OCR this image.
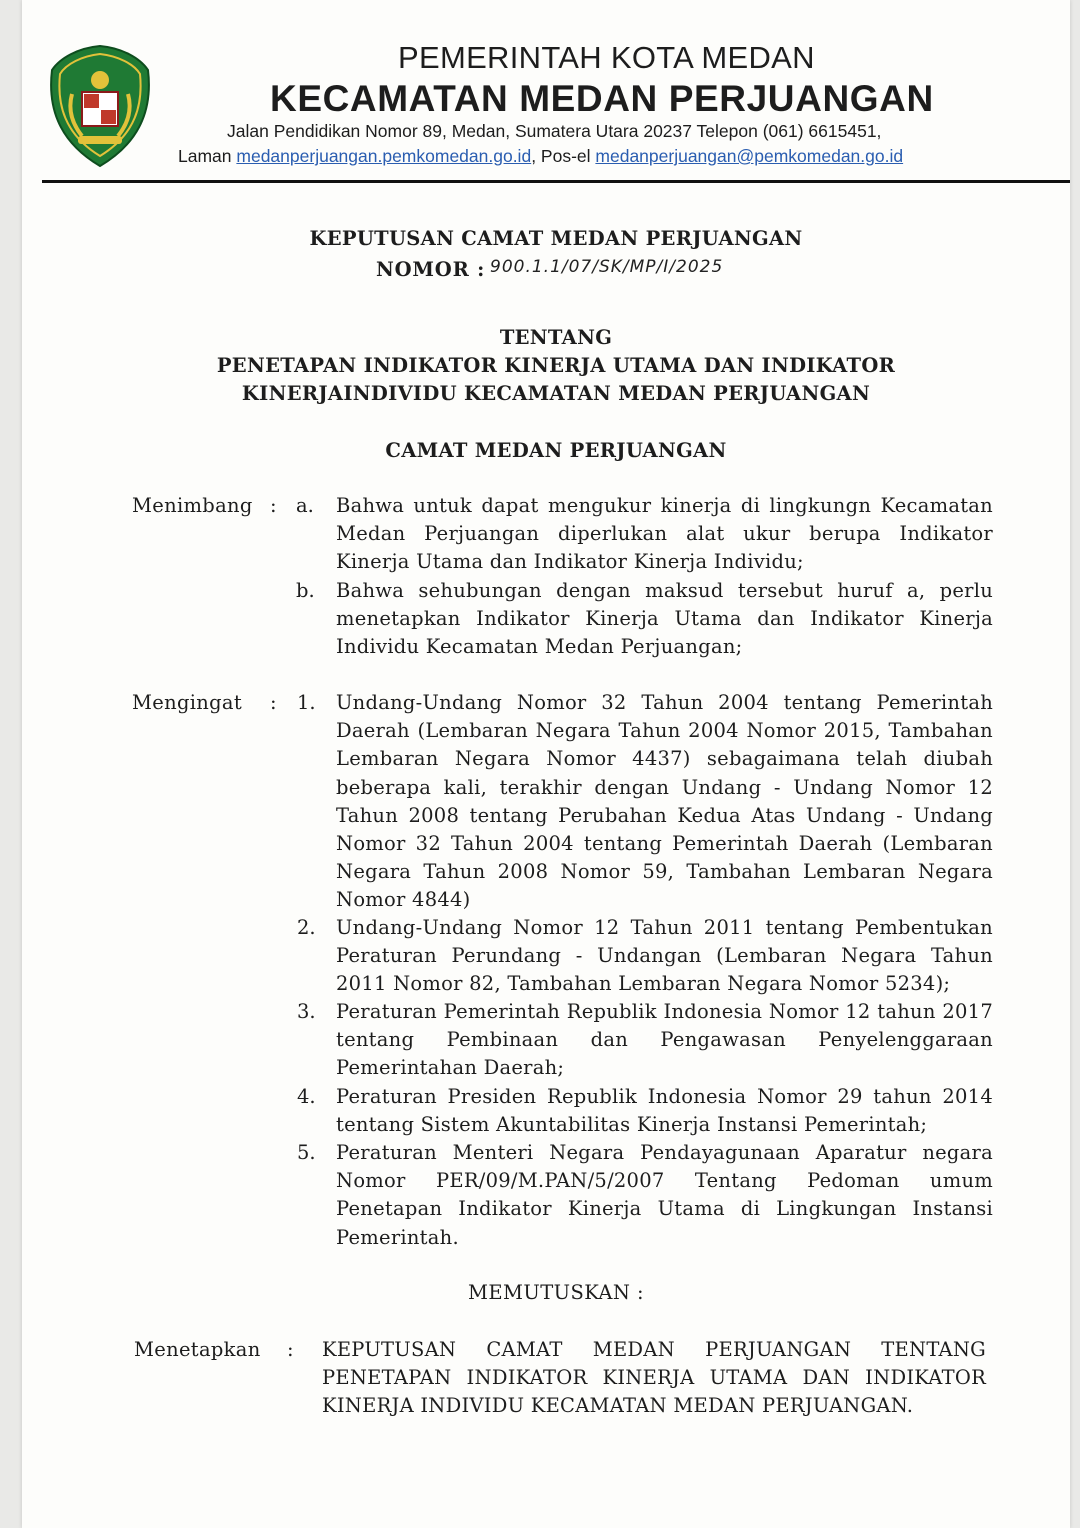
PEMERINTAH KOTA MEDAN
KECAMATAN MEDAN PERJUANGAN
Jalan Pendidikan Nomor 89, Medan, Sumatera Utara 20237 Telepon (061) 6615451,
Laman medanperjuangan.pemkomedan.go.id, Pos-el medanperjuangan@pemkomedan.go.id
KEPUTUSAN CAMAT MEDAN PERJUANGAN
NOMOR : 900.1.1/07/SK/MP/I/2025
TENTANG
PENETAPAN INDIKATOR KINERJA UTAMA DAN INDIKATOR
KINERJAINDIVIDU KECAMATAN MEDAN PERJUANGAN
CAMAT MEDAN PERJUANGAN
Menimbang : a. Bahwa untuk dapat mengukur kinerja di lingkungn Kecamatan Medan Perjuangan diperlukan alat ukur berupa Indikator Kinerja Utama dan Indikator Kinerja Individu;
b. Bahwa sehubungan dengan maksud tersebut huruf a, perlu menetapkan Indikator Kinerja Utama dan Indikator Kinerja Individu Kecamatan Medan Perjuangan;
Mengingat : 1. Undang-Undang Nomor 32 Tahun 2004 tentang Pemerintah Daerah (Lembaran Negara Tahun 2004 Nomor 2015, Tambahan Lembaran Negara Nomor 4437) sebagaimana telah diubah beberapa kali, terakhir dengan Undang - Undang Nomor 12 Tahun 2008 tentang Perubahan Kedua Atas Undang - Undang Nomor 32 Tahun 2004 tentang Pemerintah Daerah (Lembaran Negara Tahun 2008 Nomor 59, Tambahan Lembaran Negara Nomor 4844)
2. Undang-Undang Nomor 12 Tahun 2011 tentang Pembentukan Peraturan Perundang - Undangan (Lembaran Negara Tahun 2011 Nomor 82, Tambahan Lembaran Negara Nomor 5234);
3. Peraturan Pemerintah Republik Indonesia Nomor 12 tahun 2017 tentang Pembinaan dan Pengawasan Penyelenggaraan Pemerintahan Daerah;
4. Peraturan Presiden Republik Indonesia Nomor 29 tahun 2014 tentang Sistem Akuntabilitas Kinerja Instansi Pemerintah;
5. Peraturan Menteri Negara Pendayagunaan Aparatur negara Nomor PER/09/M.PAN/5/2007 Tentang Pedoman umum Penetapan Indikator Kinerja Utama di Lingkungan Instansi Pemerintah.
MEMUTUSKAN :
Menetapkan : KEPUTUSAN CAMAT MEDAN PERJUANGAN TENTANG PENETAPAN INDIKATOR KINERJA UTAMA DAN INDIKATOR KINERJA INDIVIDU KECAMATAN MEDAN PERJUANGAN.
